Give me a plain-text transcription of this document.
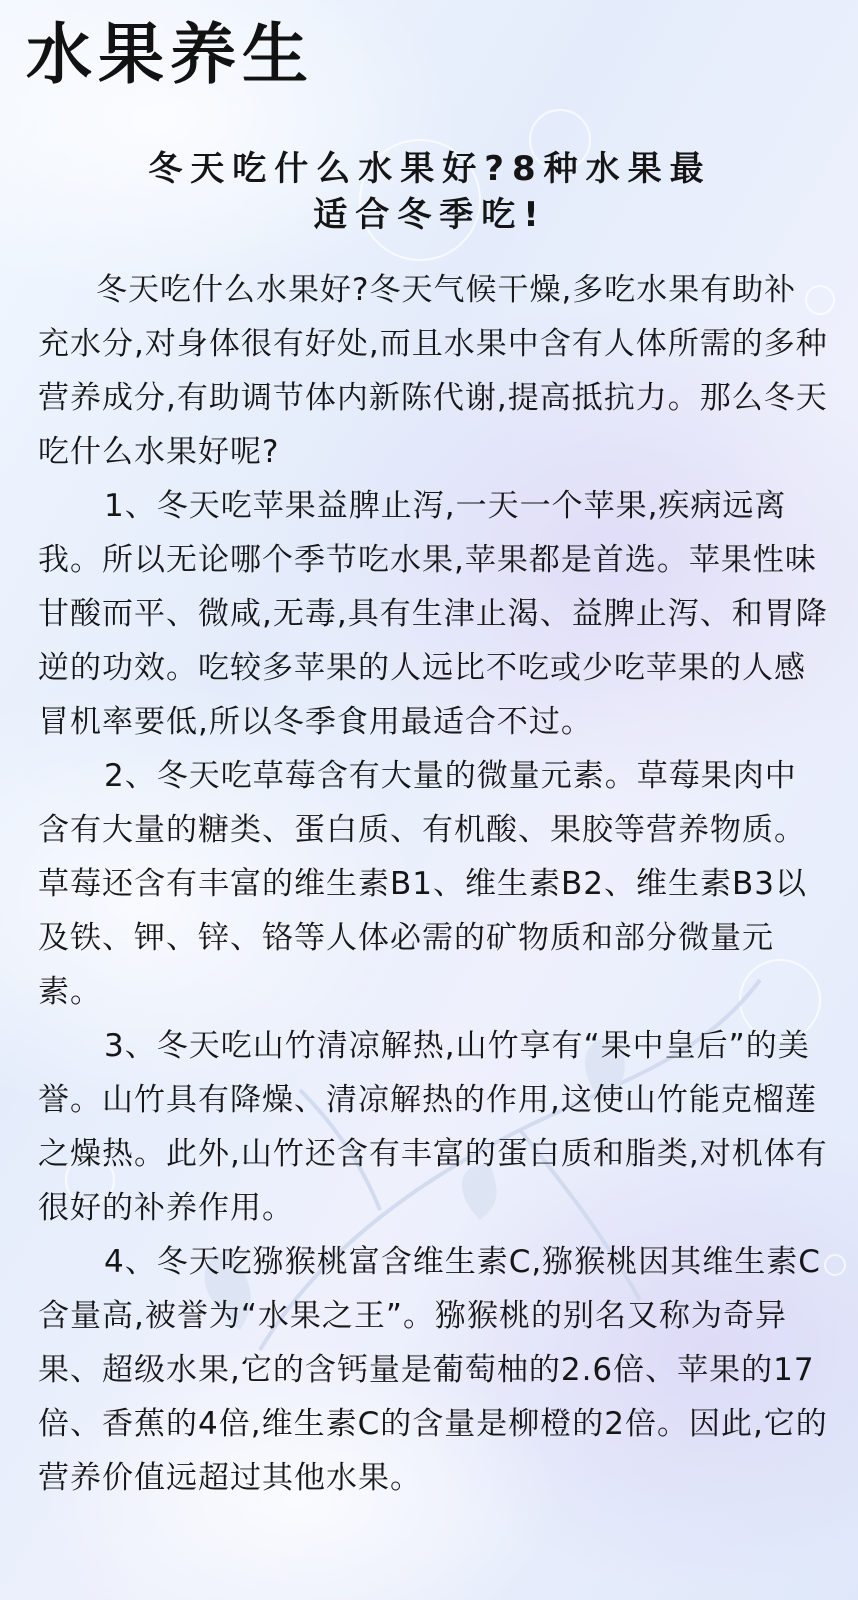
水果养生
冬天吃什么水果好?8种水果最
适合冬季吃!

冬天吃什么水果好?冬天气候干燥,多吃水果有助补充水分,对身体很有好处,而且水果中含有人体所需的多种营养成分,有助调节体内新陈代谢,提高抵抗力。那么冬天吃什么水果好呢?

1、冬天吃苹果益脾止泻,一天一个苹果,疾病远离我。所以无论哪个季节吃水果,苹果都是首选。苹果性味甘酸而平、微咸,无毒,具有生津止渴、益脾止泻、和胃降逆的功效。吃较多苹果的人远比不吃或少吃苹果的人感冒机率要低,所以冬季食用最适合不过。

2、冬天吃草莓含有大量的微量元素。草莓果肉中含有大量的糖类、蛋白质、有机酸、果胶等营养物质。草莓还含有丰富的维生素B1、维生素B2、维生素B3以及铁、钾、锌、铬等人体必需的矿物质和部分微量元素。

3、冬天吃山竹清凉解热,山竹享有“果中皇后”的美誉。山竹具有降燥、清凉解热的作用,这使山竹能克榴莲之燥热。此外,山竹还含有丰富的蛋白质和脂类,对机体有很好的补养作用。

4、冬天吃猕猴桃富含维生素C,猕猴桃因其维生素C含量高,被誉为“水果之王”。猕猴桃的别名又称为奇异果、超级水果,它的含钙量是葡萄柚的2.6倍、苹果的17倍、香蕉的4倍,维生素C的含量是柳橙的2倍。因此,它的营养价值远超过其他水果。
